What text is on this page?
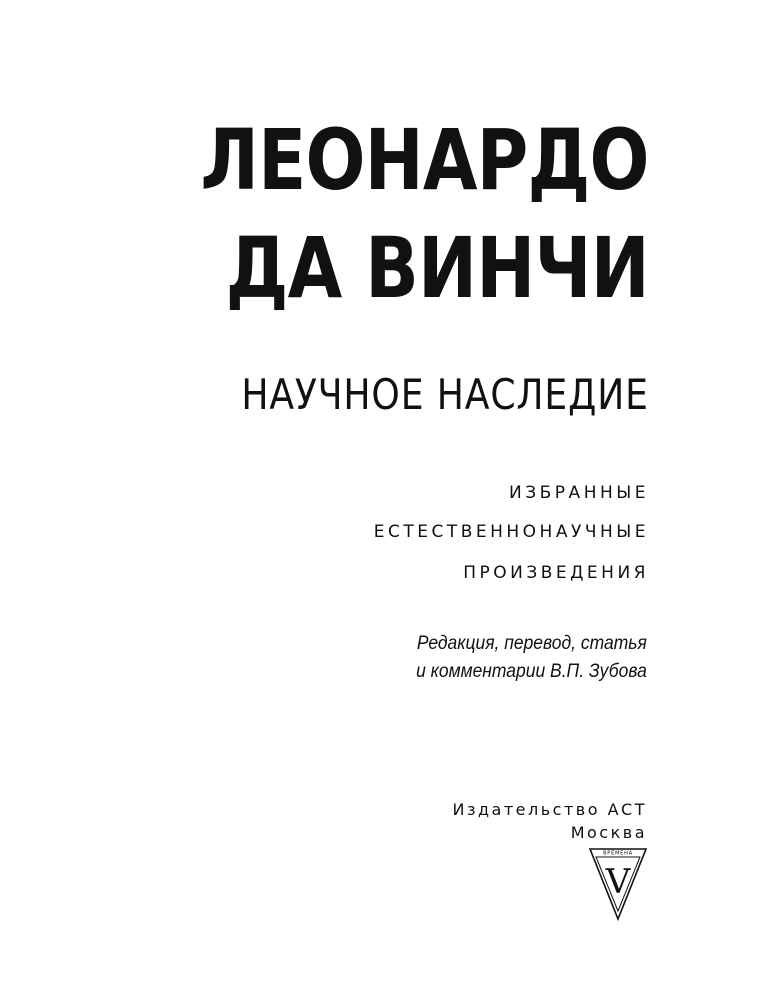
ЛЕОНАРДО
ДА ВИНЧИ
НАУЧНОЕ НАСЛЕДИЕ
ИЗБРАННЫЕ
ЕСТЕСТВЕННОНАУЧНЫЕ
ПРОИЗВЕДЕНИЯ
Редакция, перевод, статья
и комментарии В.П. Зубова
Издательство АСТ
Москва
ВРЕМЕНА
V
